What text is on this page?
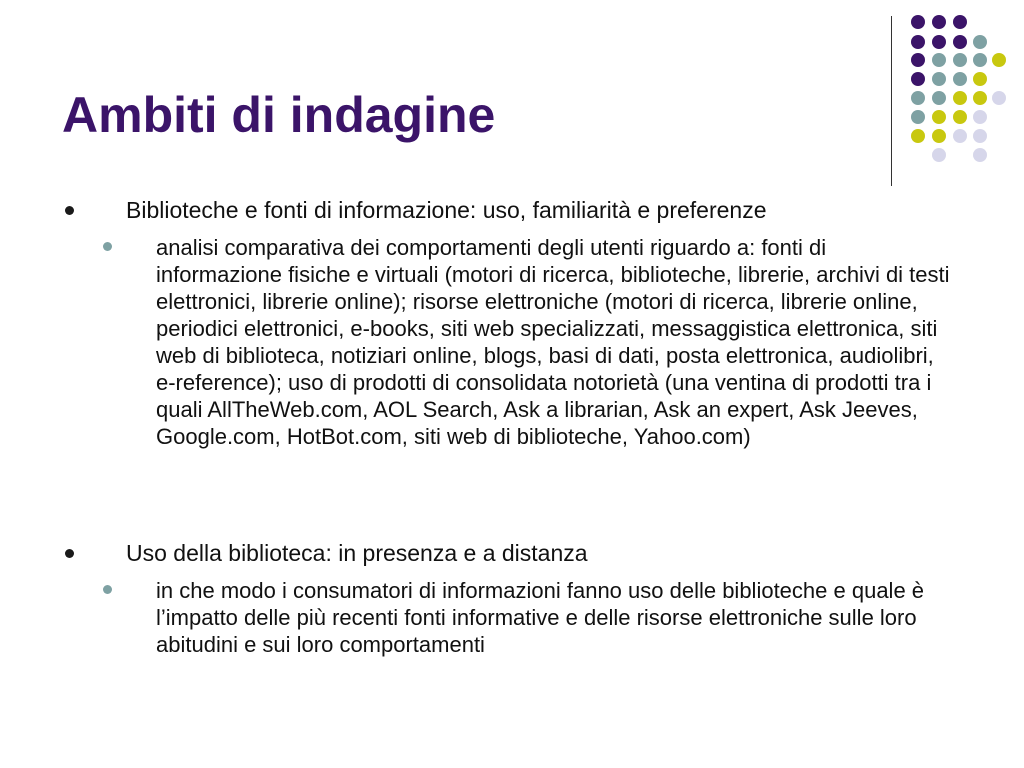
Ambiti di indagine
Biblioteche e fonti di informazione: uso, familiarità e preferenze
analisi comparativa dei comportamenti degli utenti riguardo a: fonti di informazione fisiche e virtuali (motori di ricerca, biblioteche, librerie, archivi di testi elettronici, librerie online); risorse elettroniche (motori di ricerca, librerie online, periodici elettronici, e-books, siti web specializzati, messaggistica elettronica, siti web di biblioteca, notiziari online, blogs, basi di dati, posta elettronica, audiolibri, e-reference); uso di prodotti di consolidata notorietà (una ventina di prodotti tra i quali AllTheWeb.com, AOL Search, Ask a librarian, Ask an expert, Ask Jeeves, Google.com, HotBot.com, siti web di biblioteche, Yahoo.com)
Uso della biblioteca: in presenza e a distanza
in che modo i consumatori di informazioni fanno uso delle biblioteche e quale è l’impatto delle più recenti fonti informative e delle risorse elettroniche sulle loro abitudini e sui loro comportamenti
